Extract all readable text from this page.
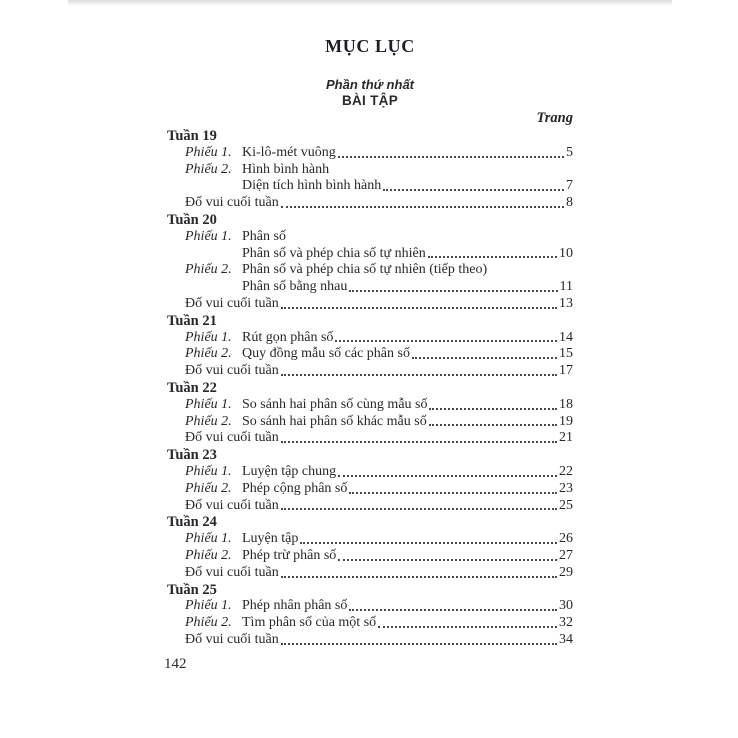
MỤC LỤC
Phần thứ nhất
BÀI TẬP
Trang
Tuần 19
Phiếu 1. Ki-lô-mét vuông	5
Phiếu 2. Hình bình hành
Diện tích hình bình hành	7
Đố vui cuối tuần	8
Tuần 20
Phiếu 1. Phân số
Phân số và phép chia số tự nhiên	10
Phiếu 2. Phân số và phép chia số tự nhiên (tiếp theo)
Phân số bằng nhau	11
Đố vui cuối tuần	13
Tuần 21
Phiếu 1. Rút gọn phân số	14
Phiếu 2. Quy đồng mẫu số các phân số	15
Đố vui cuối tuần	17
Tuần 22
Phiếu 1. So sánh hai phân số cùng mẫu số	18
Phiếu 2. So sánh hai phân số khác mẫu số	19
Đố vui cuối tuần	21
Tuần 23
Phiếu 1. Luyện tập chung	22
Phiếu 2. Phép cộng phân số	23
Đố vui cuối tuần	25
Tuần 24
Phiếu 1. Luyện tập	26
Phiếu 2. Phép trừ phân số	27
Đố vui cuối tuần	29
Tuần 25
Phiếu 1. Phép nhân phân số	30
Phiếu 2. Tìm phân số của một số	32
Đố vui cuối tuần	34
142
